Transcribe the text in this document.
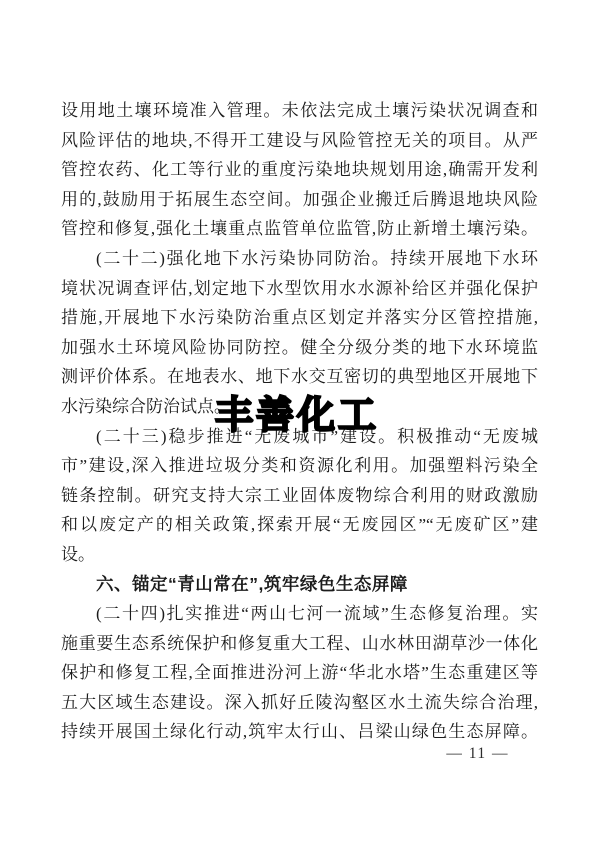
设用地土壤环境准入管理。未依法完成土壤污染状况调查和
风险评估的地块,不得开工建设与风险管控无关的项目。从严
管控农药、化工等行业的重度污染地块规划用途,确需开发利
用的,鼓励用于拓展生态空间。加强企业搬迁后腾退地块风险
管控和修复,强化土壤重点监管单位监管,防止新增土壤污染。
(二十二)强化地下水污染协同防治。持续开展地下水环
境状况调查评估,划定地下水型饮用水水源补给区并强化保护
措施,开展地下水污染防治重点区划定并落实分区管控措施,
加强水土环境风险协同防控。健全分级分类的地下水环境监
测评价体系。在地表水、地下水交互密切的典型地区开展地下
水污染综合防治试点。
(二十三)稳步推进“无废城市”建设。积极推动“无废城
市”建设,深入推进垃圾分类和资源化利用。加强塑料污染全
链条控制。研究支持大宗工业固体废物综合利用的财政激励
和以废定产的相关政策,探索开展“无废园区”“无废矿区”建
设。
六、锚定“青山常在”,筑牢绿色生态屏障
(二十四)扎实推进“两山七河一流域”生态修复治理。实
施重要生态系统保护和修复重大工程、山水林田湖草沙一体化
保护和修复工程,全面推进汾河上游“华北水塔”生态重建区等
五大区域生态建设。深入抓好丘陵沟壑区水土流失综合治理,
持续开展国土绿化行动,筑牢太行山、吕梁山绿色生态屏障。
丰善化工
— 11 —
